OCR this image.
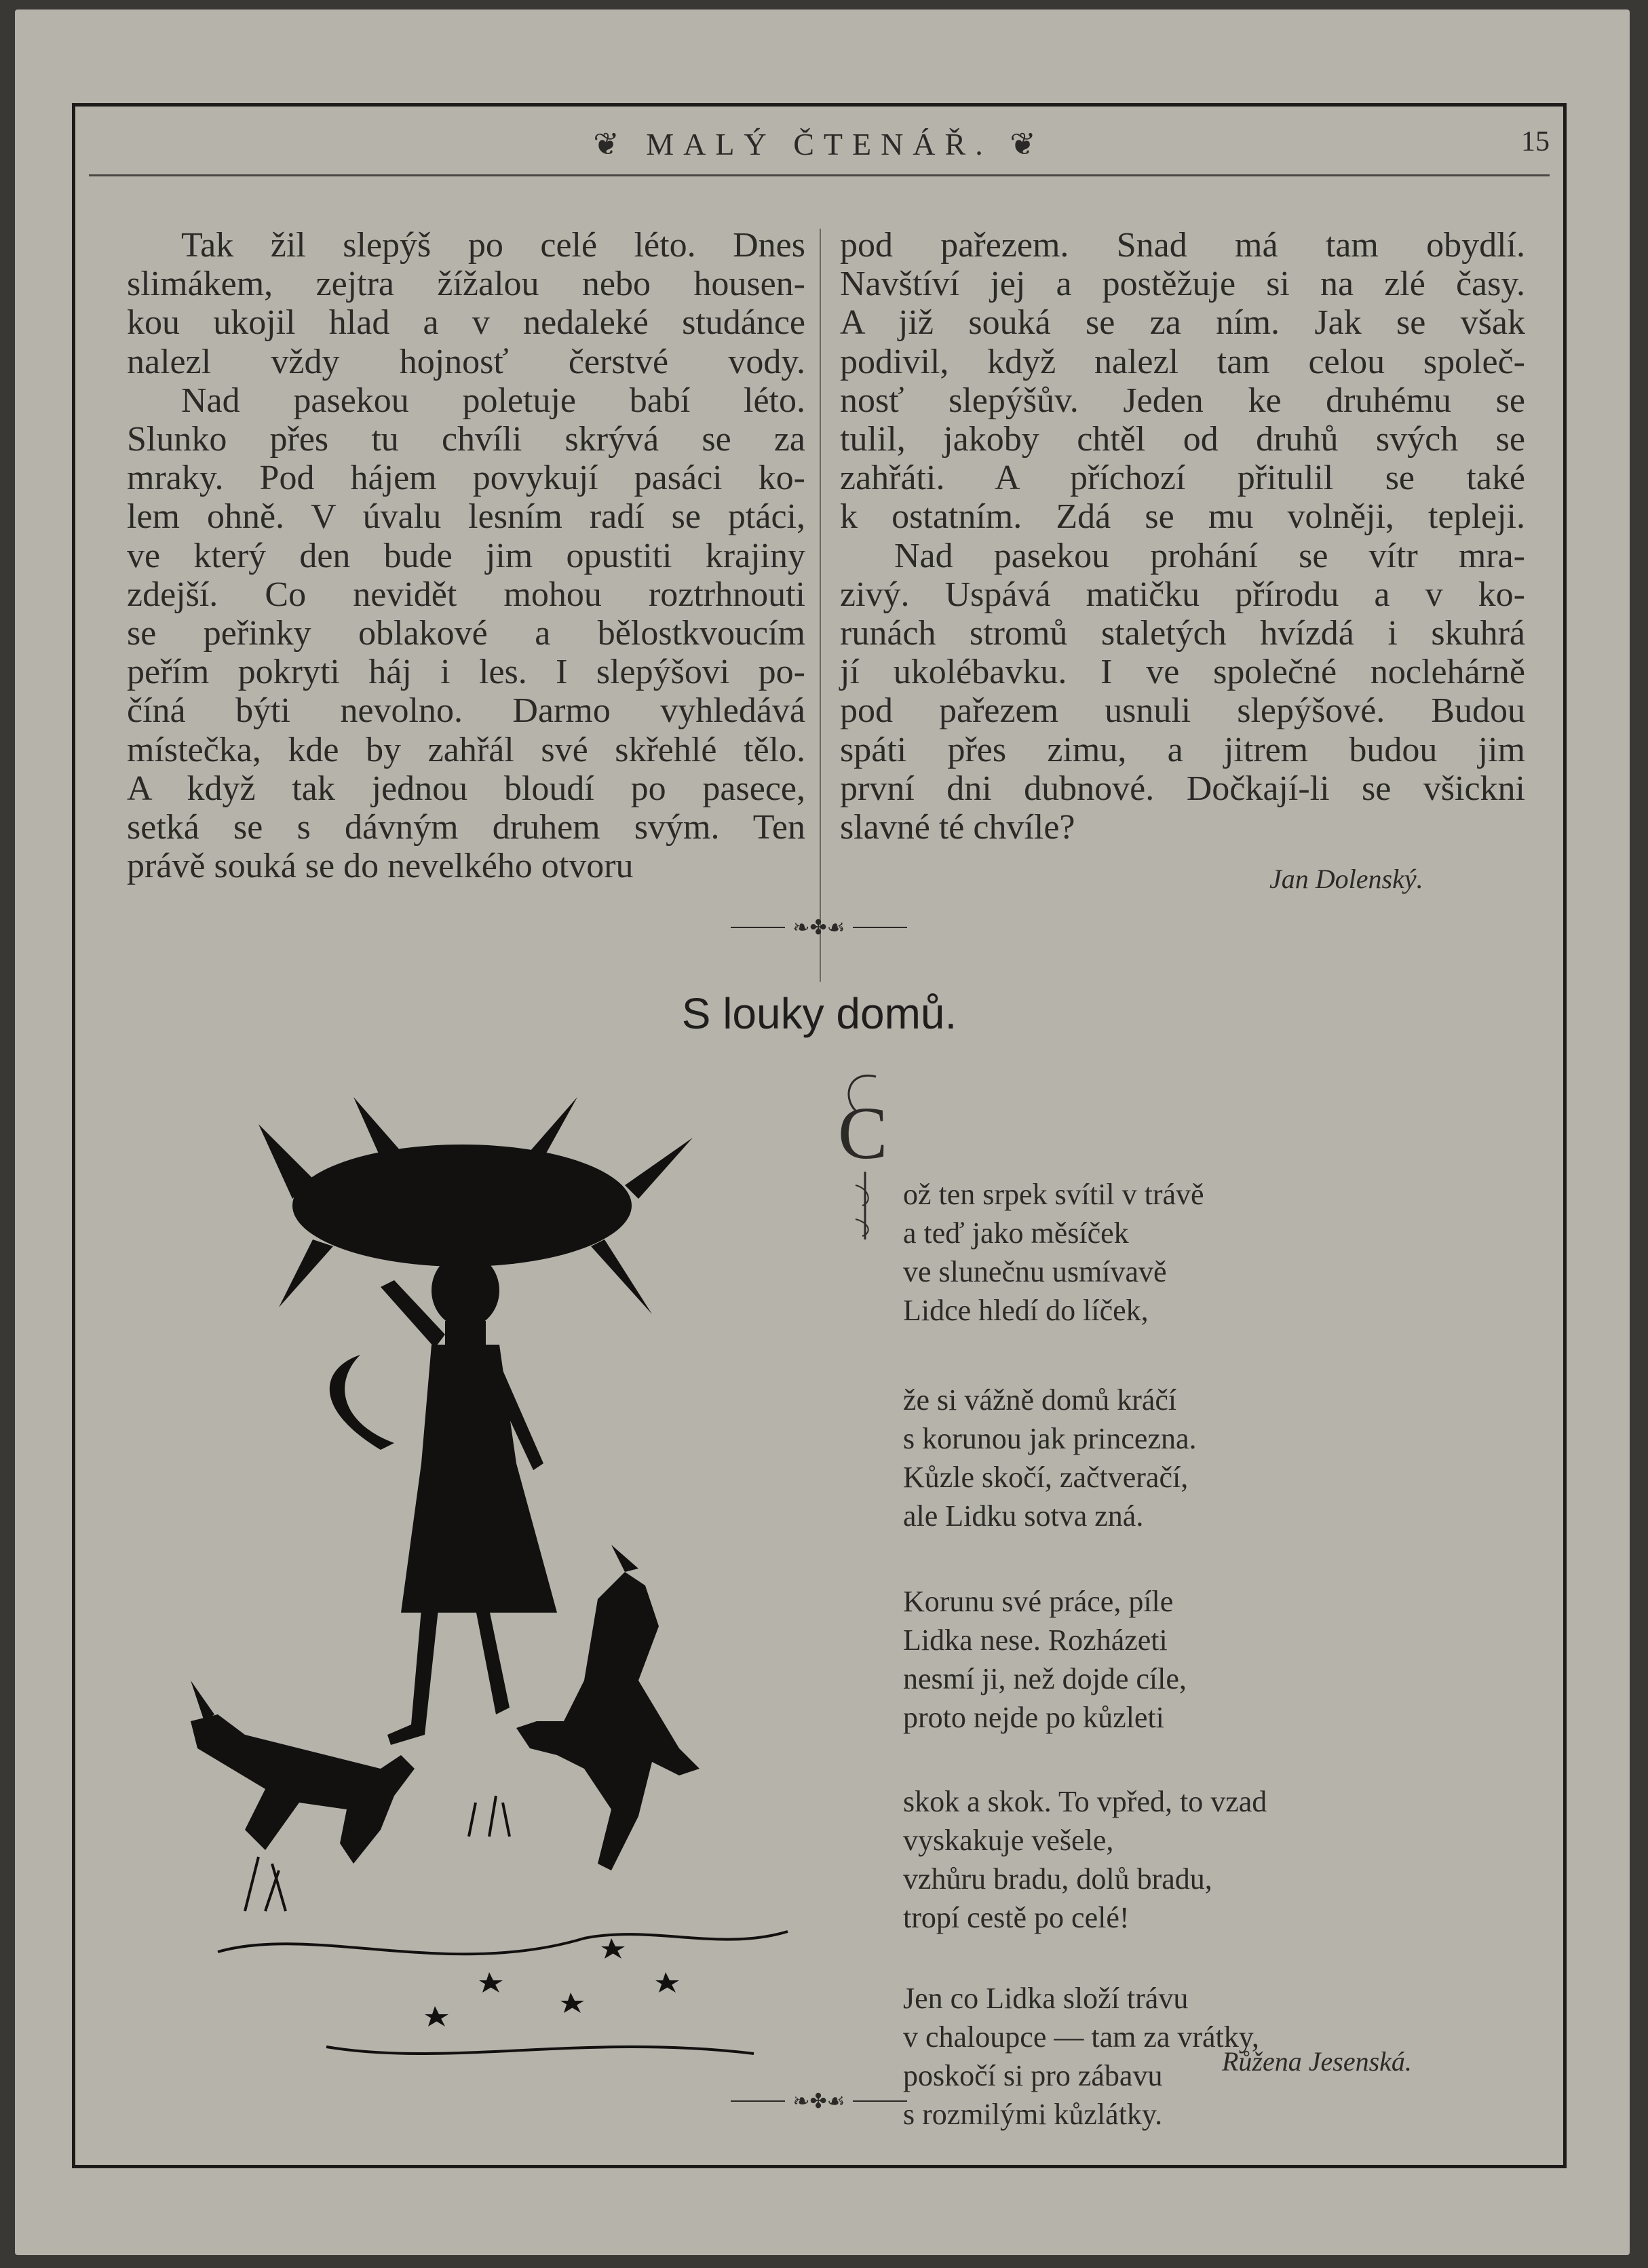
❦ MALÝ ČTENÁŘ. ❦	15
Tak žil slepýš po celé léto. Dnes
slimákem, zejtra žížalou nebo housen-
kou ukojil hlad a v nedaleké studánce
nalezl vždy hojnosť čerstvé vody.
Nad pasekou poletuje babí léto.
Slunko přes tu chvíli skrývá se za
mraky. Pod hájem povykují pasáci ko-
lem ohně. V úvalu lesním radí se ptáci,
ve který den bude jim opustiti krajiny
zdejší. Co nevidět mohou roztrhnouti
se peřinky oblakové a bělostkvoucím
peřím pokryti háj i les. I slepýšovi po-
číná býti nevolno. Darmo vyhledává
místečka, kde by zahřál své skřehlé tělo.
A když tak jednou bloudí po pasece,
setká se s dávným druhem svým. Ten
právě souká se do nevelkého otvoru
pod pařezem. Snad má tam obydlí.
Navštíví jej a postěžuje si na zlé časy.
A již souká se za ním. Jak se však
podivil, když nalezl tam celou společ-
nosť slepýšův. Jeden ke druhému se
tulil, jakoby chtěl od druhů svých se
zahřáti. A příchozí přitulil se také
k ostatním. Zdá se mu volněji, tepleji.
Nad pasekou prohání se vítr mra-
zivý. Uspává matičku přírodu a v ko-
runách stromů staletých hvízdá i skuhrá
jí ukolébavku. I ve společné noclehárně
pod pařezem usnuli slepýšové. Budou
spáti přes zimu, a jitrem budou jim
první dni dubnové. Dočkají-li se všickni
slavné té chvíle?
Jan Dolenský.
❧✤☙
S louky domů.
C
ož ten srpek svítil v trávě
a teď jako měsíček
ve slunečnu usmívavě
Lidce hledí do líček,
že si vážně domů kráčí
s korunou jak princezna.
Kůzle skočí, začtveračí,
ale Lidku sotva zná.
Korunu své práce, píle
Lidka nese. Rozházeti
nesmí ji, než dojde cíle,
proto nejde po kůzleti
skok a skok. To vpřed, to vzad
vyskakuje vešele,
vzhůru bradu, dolů bradu,
tropí cestě po celé!
Jen co Lidka složí trávu
v chaloupce — tam za vrátky,
poskočí si pro zábavu
s rozmilými kůzlátky.
Růžena Jesenská.
❧✤☙
